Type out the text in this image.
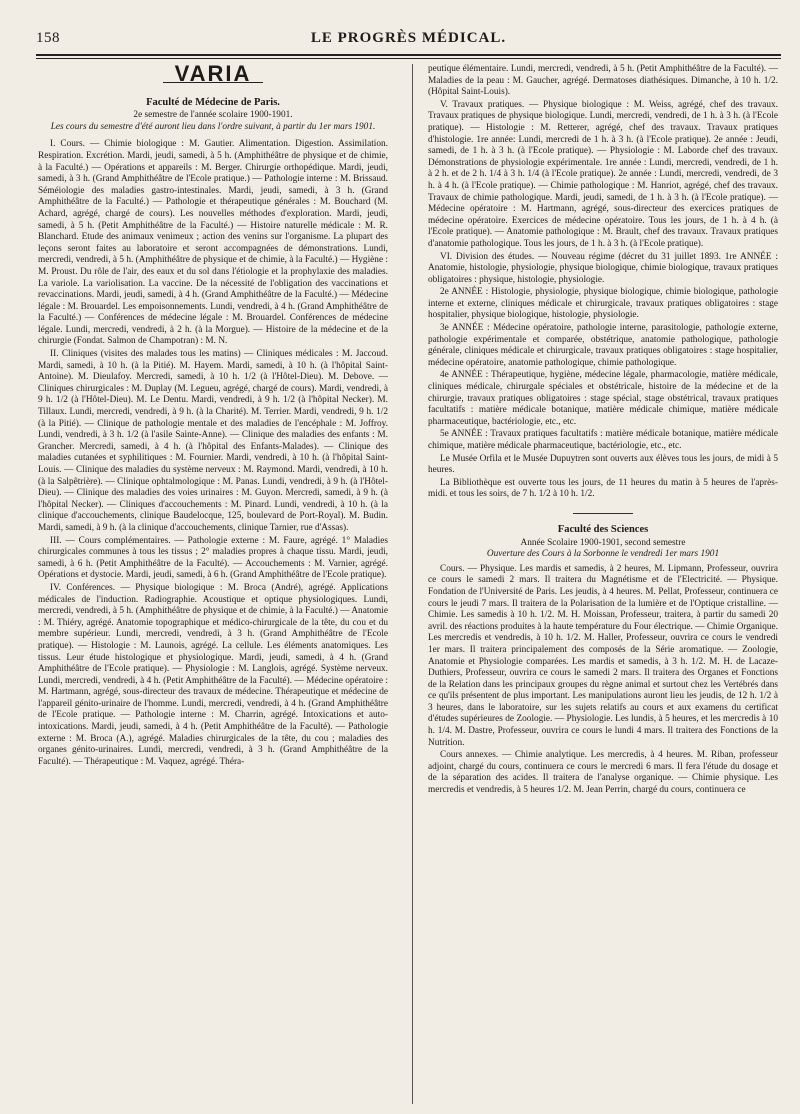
158	LE PROGRÈS MÉDICAL.
VARIA
Faculté de Médecine de Paris.
2e semestre de l'année scolaire 1900-1901.
Les cours du semestre d'été auront lieu dans l'ordre suivant, à partir du 1er mars 1901.

I. Cours. — Chimie biologique : M. Gautier. Alimentation. Digestion. Assimilation. Respiration. Excrétion. Mardi, jeudi, samedi, à 5 h. (Amphithéâtre de physique et de chimie, à la Faculté.) — Opérations et appareils : M. Berger. Chirurgie orthopédique. Mardi, jeudi, samedi, à 3 h. (Grand Amphithéâtre de l'Ecole pratique.) — Pathologie interne : M. Brissaud. Séméiologie des maladies gastro-intestinales. Mardi, jeudi, samedi, à 3 h. (Grand Amphithéâtre de la Faculté.) — Pathologie et thérapeutique générales : M. Bouchard (M. Achard, agrégé, chargé de cours). Les nouvelles méthodes d'exploration. Mardi, jeudi, samedi, à 5 h. (Petit Amphithéâtre de la Faculté.) — Histoire naturelle médicale : M. R. Blanchard. Etude des animaux venimeux ; action des venins sur l'organisme. La plupart des leçons seront faites au laboratoire et seront accompagnées de démonstrations. Lundi, mercredi, vendredi, à 5 h. (Amphithéâtre de physique et de chimie, à la Faculté.) — Hygiène : M. Proust. Du rôle de l'air, des eaux et du sol dans l'étiologie et la prophylaxie des maladies. La variole. La variolisation. La vaccine. De la nécessité de l'obligation des vaccinations et revaccinations. Mardi, jeudi, samedi, à 4 h. (Grand Amphithéâtre de la Faculté.) — Médecine légale : M. Brouardel. Les empoisonnements. Lundi, vendredi, à 4 h. (Grand Amphithéâtre de la Faculté.) — Conférences de médecine légale : M. Brouardel. Conférences de médecine légale. Lundi, mercredi, vendredi, à 2 h. (à la Morgue). — Histoire de la médecine et de la chirurgie (Fondat. Salmon de Champotran) : M. N.

II. Cliniques (visites des malades tous les matins) — Cliniques médicales : M. Jaccoud. Mardi, samedi, à 10 h. (à la Pitié). M. Hayem. Mardi, samedi, à 10 h. (à l'hôpital Saint-Antoine). M. Dieulafoy. Mercredi, samedi, à 10 h. 1/2 (à l'Hôtel-Dieu). M. Debove. — Cliniques chirurgicales : M. Duplay (M. Legueu, agrégé, chargé de cours). Mardi, vendredi, à 9 h. 1/2 (à l'Hôtel-Dieu). M. Le Dentu. Mardi, vendredi, à 9 h. 1/2 (à l'hôpital Necker). M. Tillaux. Lundi, mercredi, vendredi, à 9 h. (à la Charité). M. Terrier. Mardi, vendredi, 9 h. 1/2 (à la Pitié). — Clinique de pathologie mentale et des maladies de l'encéphale : M. Joffroy. Lundi, vendredi, à 3 h. 1/2 (à l'asile Sainte-Anne). — Clinique des maladies des enfants : M. Grancher. Mercredi, samedi, à 4 h. (à l'hôpital des Enfants-Malades). — Clinique des maladies cutanées et syphilitiques : M. Fournier. Mardi, vendredi, à 10 h. (à l'hôpital Saint-Louis. — Clinique des maladies du système nerveux : M. Raymond. Mardi, vendredi, à 10 h. (à la Salpêtrière). — Clinique ophtalmologique : M. Panas. Lundi, vendredi, à 9 h. (à l'Hôtel-Dieu). — Clinique des maladies des voies urinaires : M. Guyon. Mercredi, samedi, à 9 h. (à l'hôpital Necker). — Cliniques d'accouchements : M. Pinard. Lundi, vendredi, à 10 h. (à la clinique d'accouchements, clinique Baudelocque, 125, boulevard de Port-Royal). M. Budin. Mardi, samedi, à 9 h. (à la clinique d'accouchements, clinique Tarnier, rue d'Assas).

III. — Cours complémentaires. — Pathologie externe : M. Faure, agrégé. 1° Maladies chirurgicales communes à tous les tissus ; 2° maladies propres à chaque tissu. Mardi, jeudi, samedi, à 6 h. (Petit Amphithéâtre de la Faculté). — Accouchements : M. Varnier, agrégé. Opérations et dystocie. Mardi, jeudi, samedi, à 6 h. (Grand Amphithéâtre de l'Ecole pratique).

IV. Conférences. — Physique biologique : M. Broca (André), agrégé. Applications médicales de l'induction. Radiographie. Acoustique et optique physiologiques. Lundi, mercredi, vendredi, à 5 h. (Amphithéâtre de physique et de chimie, à la Faculté.) — Anatomie : M. Thiéry, agrégé. Anatomie topographique et médico-chirurgicale de la tête, du cou et du membre supérieur. Lundi, mercredi, vendredi, à 3 h. (Grand Amphithéâtre de l'Ecole pratique). — Histologie : M. Launois, agrégé. La cellule. Les éléments anatomiques. Les tissus. Leur étude histologique et physiologique. Mardi, jeudi, samedi, à 4 h. (Grand Amphithéâtre de l'Ecole pratique). — Physiologie : M. Langlois, agrégé. Système nerveux. Lundi, mercredi, vendredi, à 4 h. (Petit Amphithéâtre de la Faculté). — Médecine opératoire : M. Hartmann, agrégé, sous-directeur des travaux de médecine. Thérapeutique et médecine de l'appareil génito-urinaire de l'homme. Lundi, mercredi, vendredi, à 4 h. (Grand Amphithéâtre de l'Ecole pratique. — Pathologie interne : M. Charrin, agrégé. Intoxications et auto-intoxications. Mardi, jeudi, samedi, à 4 h. (Petit Amphithéâtre de la Faculté). — Pathologie externe : M. Broca (A.), agrégé. Maladies chirurgicales de la tête, du cou ; maladies des organes génito-urinaires. Lundi, mercredi, vendredi, à 3 h. (Grand Amphithéâtre de la Faculté). — Thérapeutique : M. Vaquez, agrégé. Théra-

peutique élémentaire. Lundi, mercredi, vendredi, à 5 h. (Petit Amphithéâtre de la Faculté). — Maladies de la peau : M. Gaucher, agrégé. Dermatoses diathésiques. Dimanche, à 10 h. 1/2. (Hôpital Saint-Louis).

V. Travaux pratiques. — Physique biologique : M. Weiss, agrégé, chef des travaux. Travaux pratiques de physique biologique. Lundi, mercredi, vendredi, de 1 h. à 3 h. (à l'Ecole pratique). — Histologie : M. Retterer, agrégé, chef des travaux. Travaux pratiques d'histologie. 1re année: Lundi, mercredi de 1 h. à 3 h. (à l'Ecole pratique). 2e année : Jeudi, samedi, de 1 h. à 3 h. (à l'Ecole pratique). — Physiologie : M. Laborde chef des travaux. Démonstrations de physiologie expérimentale. 1re année : Lundi, mercredi, vendredi, de 1 h. à 2 h. et de 2 h. 1/4 à 3 h. 1/4 (à l'Ecole pratique). 2e année : Lundi, mercredi, vendredi, de 3 h. à 4 h. (à l'Ecole pratique). — Chimie pathologique : M. Hanriot, agrégé, chef des travaux. Travaux de chimie pathologique. Mardi, jeudi, samedi, de 1 h. à 3 h. (à l'Ecole pratique). — Médecine opératoire : M. Hartmann, agrégé, sous-directeur des exercices pratiques de médecine opératoire. Exercices de médecine opératoire. Tous les jours, de 1 h. à 4 h. (à l'Ecole pratique). — Anatomie pathologique : M. Brault, chef des travaux. Travaux pratiques d'anatomie pathologique. Tous les jours, de 1 h. à 3 h. (à l'Ecole pratique).

VI. Division des études. — Nouveau régime (décret du 31 juillet 1893. 1re ANNÉE : Anatomie, histologie, physiologie, physique biologique, chimie biologique, travaux pratiques obligatoires : physique, histologie, physiologie.

2e ANNÉE : Histologie, physiologie, physique biologique, chimie biologique, pathologie interne et externe, cliniques médicale et chirurgicale, travaux pratiques obligatoires : stage hospitalier, physique biologique, histologie, physiologie.

3e ANNÉE : Médecine opératoire, pathologie interne, parasitologie, pathologie externe, pathologie expérimentale et comparée, obstétrique, anatomie pathologique, pathologie générale, cliniques médicale et chirurgicale, travaux pratiques obligatoires : stage hospitalier, médecine opératoire, anatomie pathologique, chimie pathologique.

4e ANNÉE : Thérapeutique, hygiène, médecine légale, pharmacologie, matière médicale, cliniques médicale, chirurgale spéciales et obstétricale, histoire de la médecine et de la chirurgie, travaux pratiques obligatoires : stage spécial, stage obstétrical, travaux pratiques facultatifs : matière médicale botanique, matière médicale chimique, matière médicale pharmaceutique, bactériologie, etc., etc.

5e ANNÉE : Travaux pratiques facultatifs : matière médicale botanique, matière médicale chimique, matière médicale pharmaceutique, bactériologie, etc., etc.

Le Musée Orfila et le Musée Dupuytren sont ouverts aux élèves tous les jours, de midi à 5 heures.

La Bibliothèque est ouverte tous les jours, de 11 heures du matin à 5 heures de l'après-midi. et tous les soirs, de 7 h. 1/2 à 10 h. 1/2.

Faculté des Sciences
Année Scolaire 1900-1901, second semestre
Ouverture des Cours à la Sorbonne le vendredi 1er mars 1901

Cours. — Physique. Les mardis et samedis, à 2 heures, M. Lipmann, Professeur, ouvrira ce cours le samedi 2 mars. Il traitera du Magnétisme et de l'Electricité. — Physique. Fondation de l'Université de Paris. Les jeudis, à 4 heures. M. Pellat, Professeur, continuera ce cours le jeudi 7 mars. Il traitera de la Polarisation de la lumière et de l'Optique cristalline. — Chimie. Les samedis à 10 h. 1/2. M. H. Moissan, Professeur, traitera, à partir du samedi 20 avril. des réactions produites à la haute température du Four électrique. — Chimie Organique. Les mercredis et vendredis, à 10 h. 1/2. M. Haller, Professeur, ouvrira ce cours le vendredi 1er mars. Il traitera principalement des composés de la Série aromatique. — Zoologie, Anatomie et Physiologie comparées. Les mardis et samedis, à 3 h. 1/2. M. H. de Lacaze-Duthiers, Professeur, ouvrira ce cours le samedi 2 mars. Il traitera des Organes et Fonctions de la Relation dans les principaux groupes du règne animal et surtout chez les Vertébrés dans ce qu'ils présentent de plus important. Les manipulations auront lieu les jeudis, de 12 h. 1/2 à 3 heures, dans le laboratoire, sur les sujets relatifs au cours et aux examens du certificat d'études supérieures de Zoologie. — Physiologie. Les lundis, à 5 heures, et les mercredis à 10 h. 1/4. M. Dastre, Professeur, ouvrira ce cours le lundi 4 mars. Il traitera des Fonctions de la Nutrition.

Cours annexes. — Chimie analytique. Les mercredis, à 4 heures. M. Riban, professeur adjoint, chargé du cours, continuera ce cours le mercredi 6 mars. Il fera l'étude du dosage et de la séparation des acides. Il traitera de l'analyse organique. — Chimie physique. Les mercredis et vendredis, à 5 heures 1/2. M. Jean Perrin, chargé du cours, continuera ce
